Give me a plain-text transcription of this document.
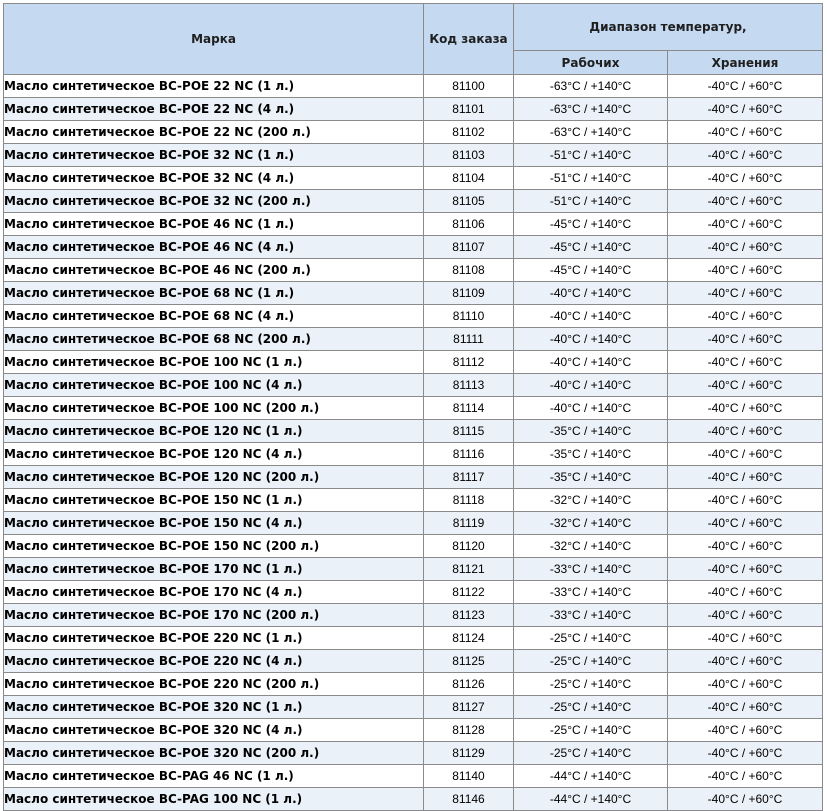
Марка	Код заказа	Диапазон температур,	
		Рабочих	Хранения
Масло синтетическое BC-POE 22 NC (1 л.)	81100	-63°C / +140°C	-40°C / +60°C
Масло синтетическое BC-POE 22 NC (4 л.)	81101	-63°C / +140°C	-40°C / +60°C
Масло синтетическое BC-POE 22 NC (200 л.)	81102	-63°C / +140°C	-40°C / +60°C
Масло синтетическое BC-POE 32 NC (1 л.)	81103	-51°C / +140°C	-40°C / +60°C
Масло синтетическое BC-POE 32 NC (4 л.)	81104	-51°C / +140°C	-40°C / +60°C
Масло синтетическое BC-POE 32 NC (200 л.)	81105	-51°C / +140°C	-40°C / +60°C
Масло синтетическое BC-POE 46 NC (1 л.)	81106	-45°C / +140°C	-40°C / +60°C
Масло синтетическое BC-POE 46 NC (4 л.)	81107	-45°C / +140°C	-40°C / +60°C
Масло синтетическое BC-POE 46 NC (200 л.)	81108	-45°C / +140°C	-40°C / +60°C
Масло синтетическое BC-POE 68 NC (1 л.)	81109	-40°C / +140°C	-40°C / +60°C
Масло синтетическое BC-POE 68 NC (4 л.)	81110	-40°C / +140°C	-40°C / +60°C
Масло синтетическое BC-POE 68 NC (200 л.)	81111	-40°C / +140°C	-40°C / +60°C
Масло синтетическое BC-POE 100 NC (1 л.)	81112	-40°C / +140°C	-40°C / +60°C
Масло синтетическое BC-POE 100 NC (4 л.)	81113	-40°C / +140°C	-40°C / +60°C
Масло синтетическое BC-POE 100 NC (200 л.)	81114	-40°C / +140°C	-40°C / +60°C
Масло синтетическое BC-POE 120 NC (1 л.)	81115	-35°C / +140°C	-40°C / +60°C
Масло синтетическое BC-POE 120 NC (4 л.)	81116	-35°C / +140°C	-40°C / +60°C
Масло синтетическое BC-POE 120 NC (200 л.)	81117	-35°C / +140°C	-40°C / +60°C
Масло синтетическое BC-POE 150 NC (1 л.)	81118	-32°C / +140°C	-40°C / +60°C
Масло синтетическое BC-POE 150 NC (4 л.)	81119	-32°C / +140°C	-40°C / +60°C
Масло синтетическое BC-POE 150 NC (200 л.)	81120	-32°C / +140°C	-40°C / +60°C
Масло синтетическое BC-POE 170 NC (1 л.)	81121	-33°C / +140°C	-40°C / +60°C
Масло синтетическое BC-POE 170 NC (4 л.)	81122	-33°C / +140°C	-40°C / +60°C
Масло синтетическое BC-POE 170 NC (200 л.)	81123	-33°C / +140°C	-40°C / +60°C
Масло синтетическое BC-POE 220 NC (1 л.)	81124	-25°C / +140°C	-40°C / +60°C
Масло синтетическое BC-POE 220 NC (4 л.)	81125	-25°C / +140°C	-40°C / +60°C
Масло синтетическое BC-POE 220 NC (200 л.)	81126	-25°C / +140°C	-40°C / +60°C
Масло синтетическое BC-POE 320 NC (1 л.)	81127	-25°C / +140°C	-40°C / +60°C
Масло синтетическое BC-POE 320 NC (4 л.)	81128	-25°C / +140°C	-40°C / +60°C
Масло синтетическое BC-POE 320 NC (200 л.)	81129	-25°C / +140°C	-40°C / +60°C
Масло синтетическое BC-PAG 46 NC (1 л.)	81140	-44°C / +140°C	-40°C / +60°C
Масло синтетическое BC-PAG 100 NC (1 л.)	81146	-44°C / +140°C	-40°C / +60°C
